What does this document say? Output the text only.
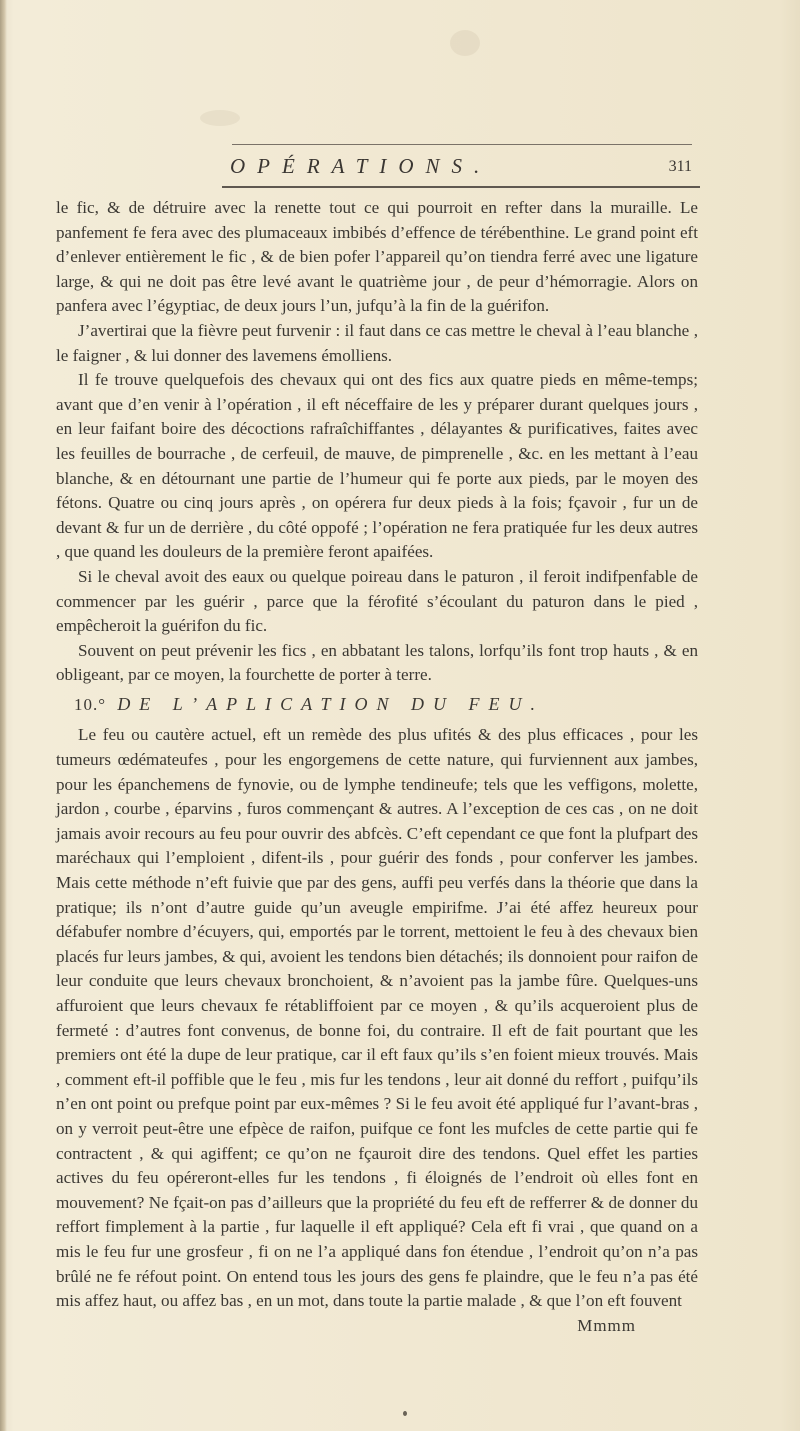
OPÉRATIONS.	311

le fic, & de détruire avec la renette tout ce qui pourroit en refter dans la muraille. Le panfement fe fera avec des plumaceaux imbibés d’effence de térébenthine. Le grand point eft d’enlever entièrement le fic , & de bien pofer l’appareil qu’on tiendra ferré avec une ligature large, & qui ne doit pas être levé avant le quatrième jour , de peur d’hémorragie. Alors on panfera avec l’égyptiac, de deux jours l’un, jufqu’à la fin de la guérifon.

J’avertirai que la fièvre peut furvenir : il faut dans ce cas mettre le cheval à l’eau blanche , le faigner , & lui donner des lavemens émolliens.

Il fe trouve quelquefois des chevaux qui ont des fics aux quatre pieds en même-temps; avant que d’en venir à l’opération , il eft néceffaire de les y préparer durant quelques jours , en leur faifant boire des décoctions rafraîchiffantes , délayantes & purificatives, faites avec les feuilles de bourrache , de cerfeuil, de mauve, de pimprenelle , &c. en les mettant à l’eau blanche, & en détournant une partie de l’humeur qui fe porte aux pieds, par le moyen des fétons. Quatre ou cinq jours après , on opérera fur deux pieds à la fois; fçavoir , fur un de devant & fur un de derrière , du côté oppofé ; l’opération ne fera pratiquée fur les deux autres , que quand les douleurs de la première feront apaifées.

Si le cheval avoit des eaux ou quelque poireau dans le paturon , il feroit indifpenfable de commencer par les guérir , parce que la férofité s’écoulant du paturon dans le pied , empêcheroit la guérifon du fic.

Souvent on peut prévenir les fics , en abbatant les talons, lorfqu’ils font trop hauts , & en obligeant, par ce moyen, la fourchette de porter à terre.

10.° DE L’APLICATION DU FEU.

Le feu ou cautère actuel, eft un remède des plus ufités & des plus efficaces , pour les tumeurs œdémateufes , pour les engorgemens de cette nature, qui furviennent aux jambes, pour les épanchemens de fynovie, ou de lymphe tendineufe; tels que les veffigons, molette, jardon , courbe , éparvins , furos commençant & autres. A l’exception de ces cas , on ne doit jamais avoir recours au feu pour ouvrir des abfcès. C’eft cependant ce que font la plufpart des maréchaux qui l’emploient , difent-ils , pour guérir des fonds , pour conferver les jambes. Mais cette méthode n’eft fuivie que par des gens, auffi peu verfés dans la théorie que dans la pratique; ils n’ont d’autre guide qu’un aveugle empirifme. J’ai été affez heureux pour défabufer nombre d’écuyers, qui, emportés par le torrent, mettoient le feu à des chevaux bien placés fur leurs jambes, & qui, avoient les tendons bien détachés; ils donnoient pour raifon de leur conduite que leurs chevaux bronchoient, & n’avoient pas la jambe fûre. Quelques-uns affuroient que leurs chevaux fe rétabliffoient par ce moyen , & qu’ils acqueroient plus de fermeté : d’autres font convenus, de bonne foi, du contraire. Il eft de fait pourtant que les premiers ont été la dupe de leur pratique, car il eft faux qu’ils s’en foient mieux trouvés. Mais , comment eft-il poffible que le feu , mis fur les tendons , leur ait donné du reffort , puifqu’ils n’en ont point ou prefque point par eux-mêmes ? Si le feu avoit été appliqué fur l’avant-bras , on y verroit peut-être une efpèce de raifon, puifque ce font les mufcles de cette partie qui fe contractent , & qui agiffent; ce qu’on ne fçauroit dire des tendons. Quel effet les parties actives du feu opéreront-elles fur les tendons , fi éloignés de l’endroit où elles font en mouvement? Ne fçait-on pas d’ailleurs que la propriété du feu eft de refferrer & de donner du reffort fimplement à la partie , fur laquelle il eft appliqué? Cela eft fi vrai , que quand on a mis le feu fur une grosfeur , fi on ne l’a appliqué dans fon étendue , l’endroit qu’on n’a pas brûlé ne fe réfout point. On entend tous les jours des gens fe plaindre, que le feu n’a pas été mis affez haut, ou affez bas , en un mot, dans toute la partie malade , & que l’on eft fouvent

Mmmm
